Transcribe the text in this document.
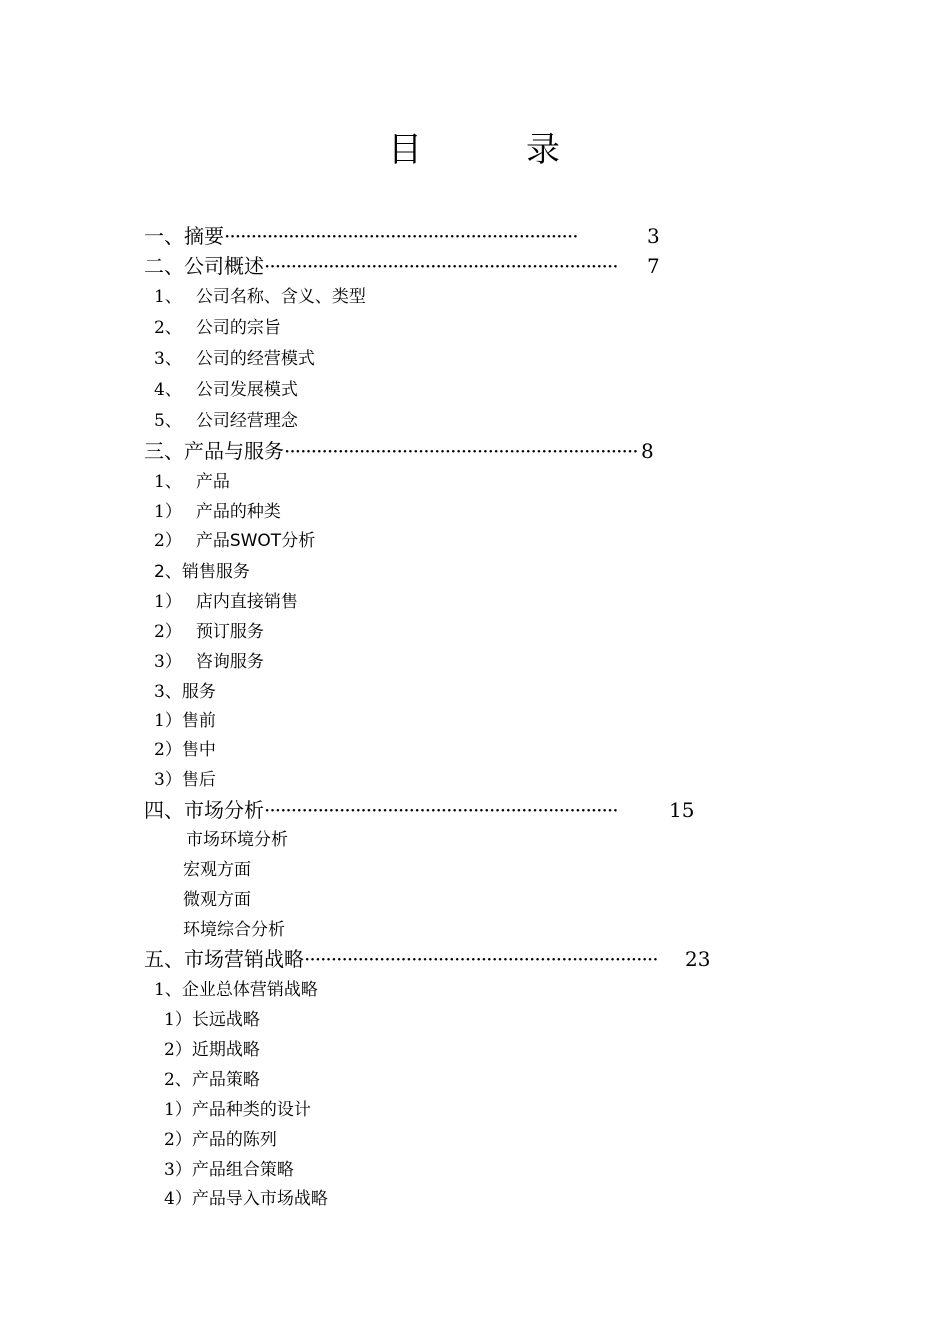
目	录
一、摘要··································································	3
二、公司概述·································································· 7
1、 公司名称、含义、类型
2、 公司的宗旨
3、 公司的经营模式
4、 公司发展模式
5、 公司经营理念
三、产品与服务·································································· 8
1、 产品
1） 产品的种类
2） 产品SWOT分析
2、销售服务
1） 店内直接销售
2） 预订服务
3） 咨询服务
3、服务
1）售前
2）售中
3）售后
四、市场分析··································································	15
市场环境分析
宏观方面
微观方面
环境综合分析
五、市场营销战略·································································· 23
1、企业总体营销战略
1）长远战略
2）近期战略
2、产品策略
1）产品种类的设计
2）产品的陈列
3）产品组合策略
4）产品导入市场战略
